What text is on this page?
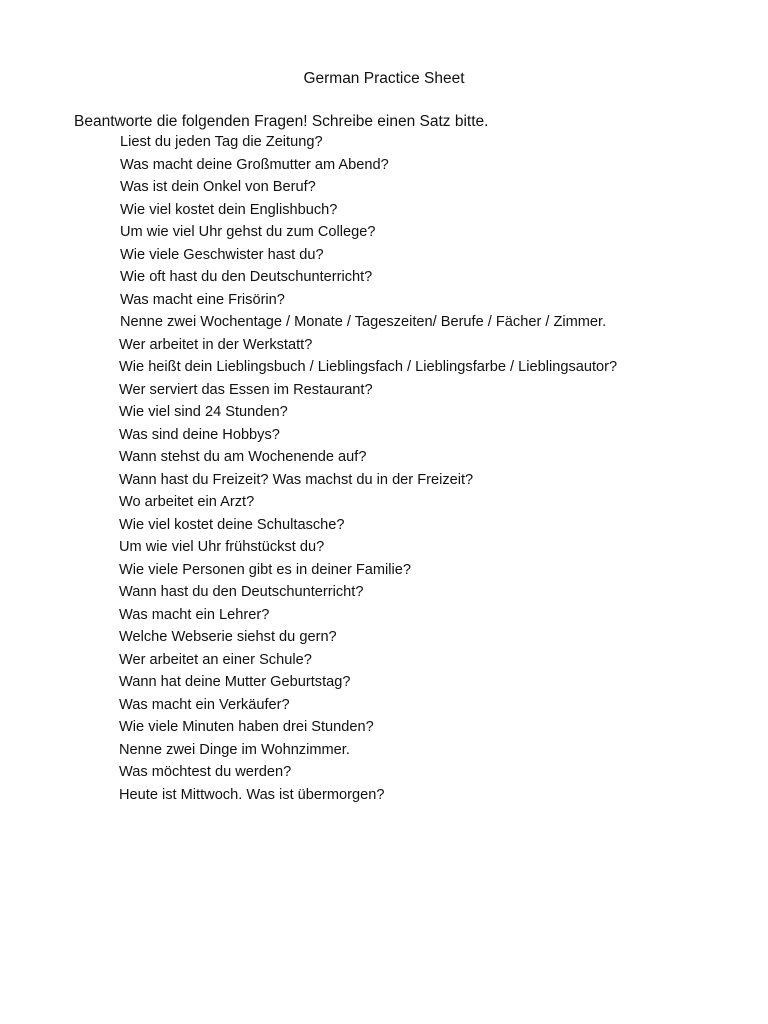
German Practice Sheet
Beantworte die folgenden Fragen! Schreibe einen Satz bitte.
Liest du jeden Tag die Zeitung?
Was macht deine Großmutter am Abend?
Was ist dein Onkel von Beruf?
Wie viel kostet dein Englishbuch?
Um wie viel Uhr gehst du zum College?
Wie viele Geschwister hast du?
Wie oft hast du den Deutschunterricht?
Was macht eine Frisörin?
Nenne zwei Wochentage / Monate / Tageszeiten/ Berufe / Fächer / Zimmer.
Wer arbeitet in der Werkstatt?
Wie heißt dein Lieblingsbuch / Lieblingsfach / Lieblingsfarbe / Lieblingsautor?
Wer serviert das Essen im Restaurant?
Wie viel sind 24 Stunden?
Was sind deine Hobbys?
Wann stehst du am Wochenende auf?
Wann hast du Freizeit? Was machst du in der Freizeit?
Wo arbeitet ein Arzt?
Wie viel kostet deine Schultasche?
Um wie viel Uhr frühstückst du?
Wie viele Personen gibt es in deiner Familie?
Wann hast du den Deutschunterricht?
Was macht ein Lehrer?
Welche Webserie siehst du gern?
Wer arbeitet an einer Schule?
Wann hat deine Mutter Geburtstag?
Was macht ein Verkäufer?
Wie viele Minuten haben drei Stunden?
Nenne zwei Dinge im Wohnzimmer.
Was möchtest du werden?
Heute ist Mittwoch. Was ist übermorgen?
